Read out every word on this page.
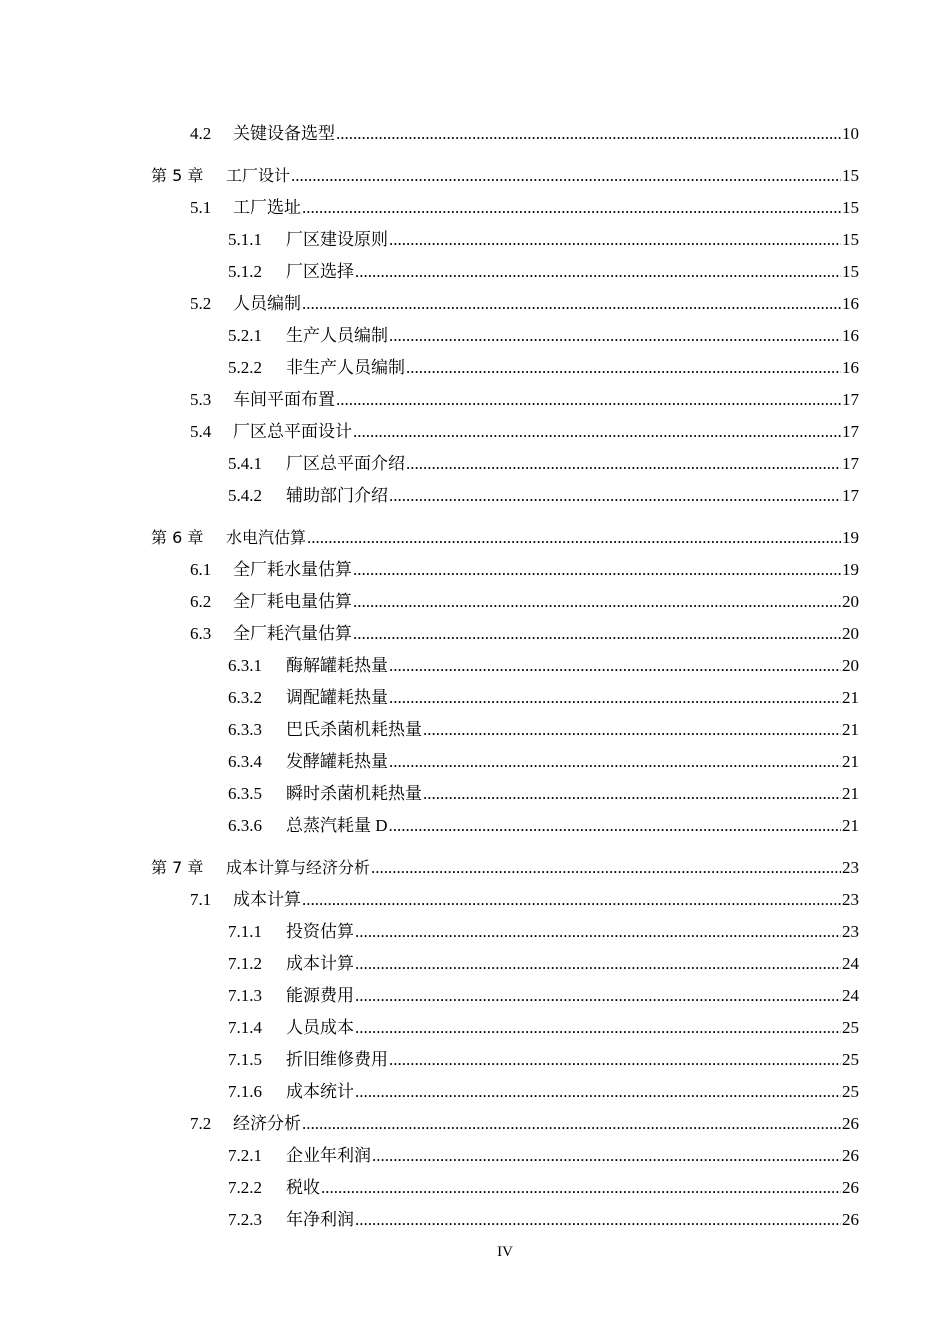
4.2	关键设备选型 .....	10
第 5 章	工厂设计 .....	15
5.1	工厂选址 .....	15
5.1.1	厂区建设原则 .....	15
5.1.2	厂区选择 .....	15
5.2	人员编制 .....	16
5.2.1	生产人员编制 .....	16
5.2.2	非生产人员编制 .....	16
5.3	车间平面布置 .....	17
5.4	厂区总平面设计 .....	17
5.4.1	厂区总平面介绍 .....	17
5.4.2	辅助部门介绍 .....	17
第 6 章	水电汽估算 .....	19
6.1	全厂耗水量估算 .....	19
6.2	全厂耗电量估算 .....	20
6.3	全厂耗汽量估算 .....	20
6.3.1	酶解罐耗热量 .....	20
6.3.2	调配罐耗热量 .....	21
6.3.3	巴氏杀菌机耗热量 .....	21
6.3.4	发酵罐耗热量 .....	21
6.3.5	瞬时杀菌机耗热量 .....	21
6.3.6	总蒸汽耗量 D .....	21
第 7 章	成本计算与经济分析 .....	23
7.1	成本计算 .....	23
7.1.1	投资估算 .....	23
7.1.2	成本计算 .....	24
7.1.3	能源费用 .....	24
7.1.4	人员成本 .....	25
7.1.5	折旧维修费用 .....	25
7.1.6	成本统计 .....	25
7.2	经济分析 .....	26
7.2.1	企业年利润 .....	26
7.2.2	税收 .....	26
7.2.3	年净利润 .....	26
IV
